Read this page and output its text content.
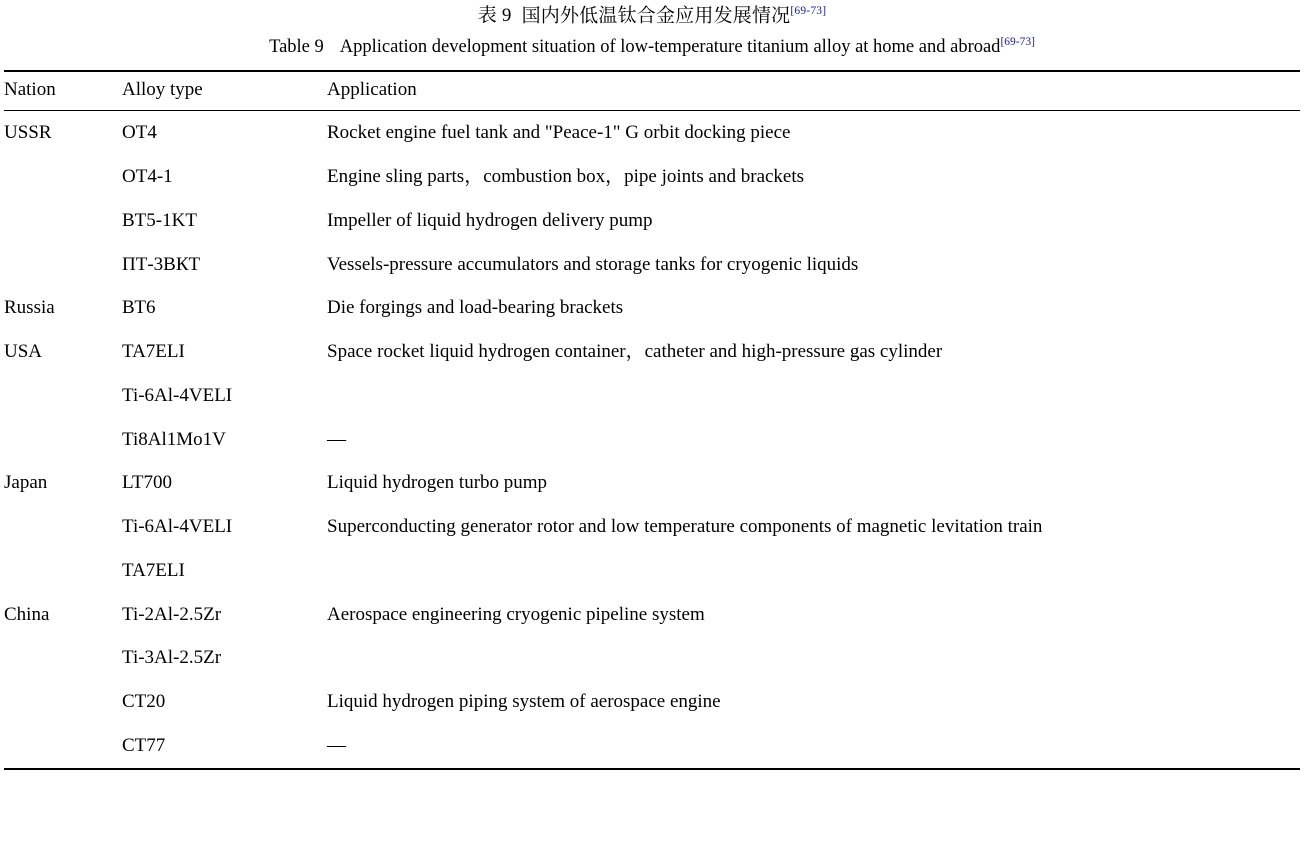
表 9 国内外低温钛合金应用发展情况[69-73]
Table 9 Application development situation of low-temperature titanium alloy at home and abroad[69-73]
Nation	Alloy type	Application
USSR	OT4	Rocket engine fuel tank and "Peace-1" G orbit docking piece
	OT4-1	Engine sling parts，combustion box，pipe joints and brackets
	BT5-1KT	Impeller of liquid hydrogen delivery pump
	ПТ-3ВКТ	Vessels-pressure accumulators and storage tanks for cryogenic liquids
Russia	ВТ6	Die forgings and load-bearing brackets
USA	TA7ELI	Space rocket liquid hydrogen container，catheter and high-pressure gas cylinder
	Ti-6Al-4VELI	
	Ti8Al1Mo1V	—
Japan	LT700	Liquid hydrogen turbo pump
	Ti-6Al-4VELI	Superconducting generator rotor and low temperature components of magnetic levitation train
	TA7ELI	
China	Ti-2Al-2.5Zr	Aerospace engineering cryogenic pipeline system
	Ti-3Al-2.5Zr	
	CT20	Liquid hydrogen piping system of aerospace engine
	CT77	—
